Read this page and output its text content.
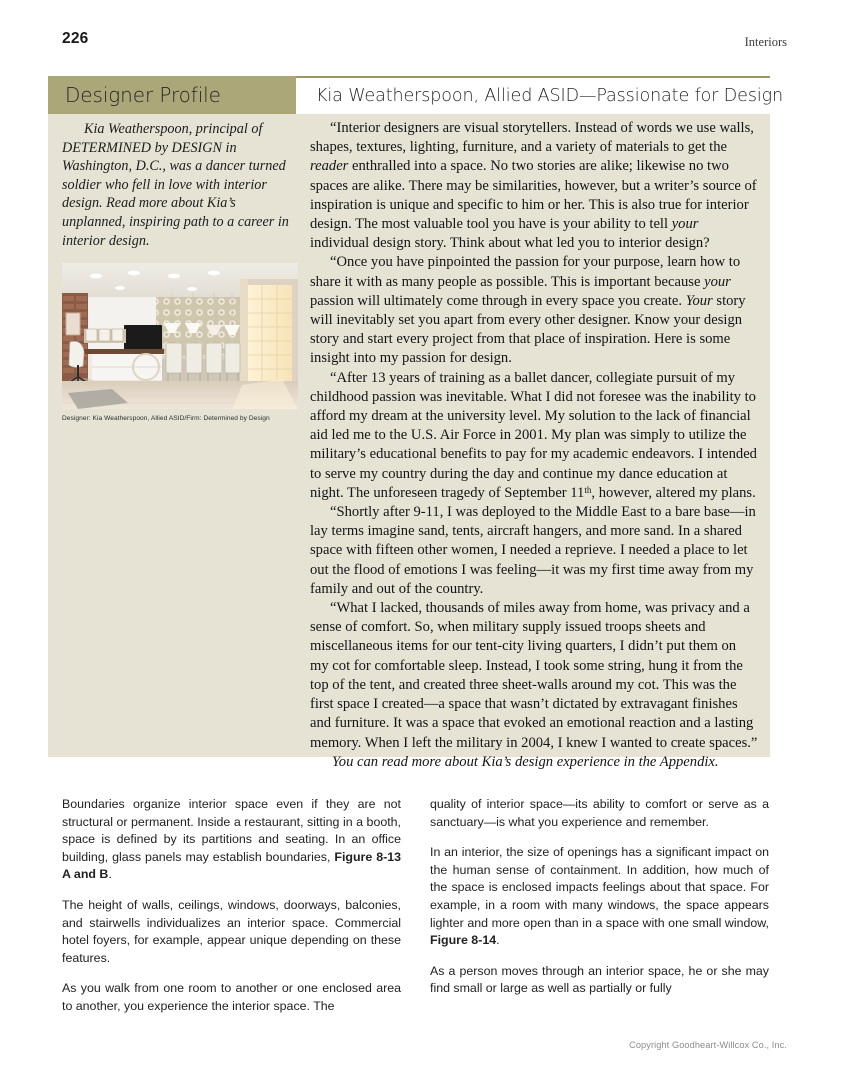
226	Interiors
Designer Profile	Kia Weatherspoon, Allied ASID—Passionate for Design
Kia Weatherspoon, principal of DETERMINED by DESIGN in Washington, D.C., was a dancer turned soldier who fell in love with interior design. Read more about Kia’s unplanned, inspiring path to a career in interior design.
Designer: Kia Weatherspoon, Allied ASID/Firm: Determined by Design

“Interior designers are visual storytellers. Instead of words we use walls, shapes, textures, lighting, furniture, and a variety of materials to get the reader enthralled into a space. No two stories are alike; likewise no two spaces are alike. There may be similarities, however, but a writer’s source of inspiration is unique and specific to him or her. This is also true for interior design. The most valuable tool you have is your ability to tell your individual design story. Think about what led you to interior design?

“Once you have pinpointed the passion for your purpose, learn how to share it with as many people as possible. This is important because your passion will ultimately come through in every space you create. Your story will inevitably set you apart from every other designer. Know your design story and start every project from that place of inspiration. Here is some insight into my passion for design.

“After 13 years of training as a ballet dancer, collegiate pursuit of my childhood passion was inevitable. What I did not foresee was the inability to afford my dream at the university level. My solution to the lack of financial aid led me to the U.S. Air Force in 2001. My plan was simply to utilize the military’s educational benefits to pay for my academic endeavors. I intended to serve my country during the day and continue my dance education at night. The unforeseen tragedy of September 11th, however, altered my plans.

“Shortly after 9-11, I was deployed to the Middle East to a bare base—in lay terms imagine sand, tents, aircraft hangers, and more sand. In a shared space with fifteen other women, I needed a reprieve. I needed a place to let out the flood of emotions I was feeling—it was my first time away from my family and out of the country.

“What I lacked, thousands of miles away from home, was privacy and a sense of comfort. So, when military supply issued troops sheets and miscellaneous items for our tent-city living quarters, I didn’t put them on my cot for comfortable sleep. Instead, I took some string, hung it from the top of the tent, and created three sheet-walls around my cot. This was the first space I created—a space that wasn’t dictated by extravagant finishes and furniture. It was a space that evoked an emotional reaction and a lasting memory. When I left the military in 2004, I knew I wanted to create spaces.”

You can read more about Kia’s design experience in the Appendix.

Boundaries organize interior space even if they are not structural or permanent. Inside a restaurant, sitting in a booth, space is defined by its partitions and seating. In an office building, glass panels may establish boundaries, Figure 8-13 A and B.

The height of walls, ceilings, windows, doorways, balconies, and stairwells individualizes an interior space. Commercial hotel foyers, for example, appear unique depending on these features.

As you walk from one room to another or one enclosed area to another, you experience the interior space. The

quality of interior space—its ability to comfort or serve as a sanctuary—is what you experience and remember.

In an interior, the size of openings has a significant impact on the human sense of containment. In addition, how much of the space is enclosed impacts feelings about that space. For example, in a room with many windows, the space appears lighter and more open than in a space with one small window, Figure 8-14.

As a person moves through an interior space, he or she may find small or large as well as partially or fully

Copyright Goodheart-Willcox Co., Inc.
